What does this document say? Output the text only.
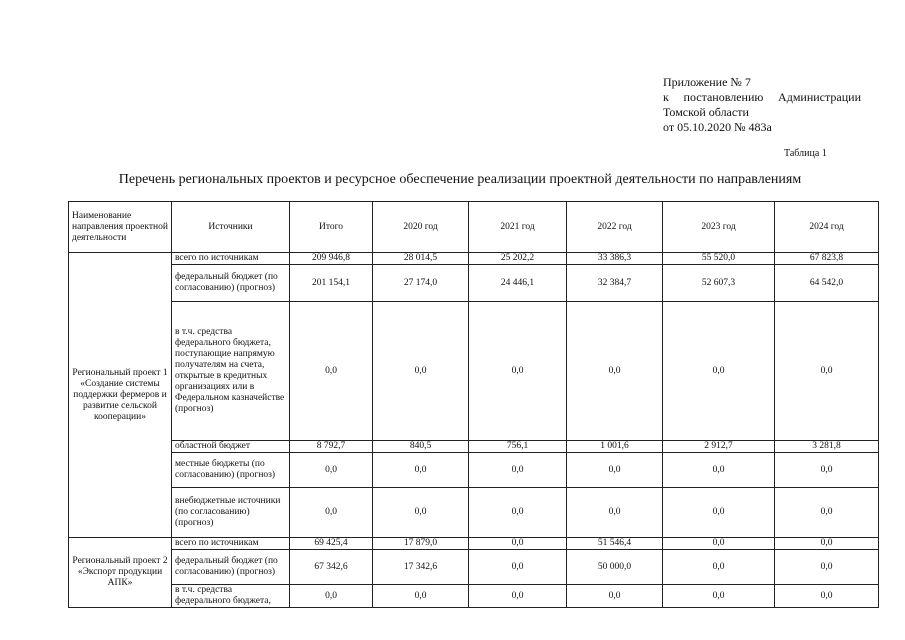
Приложение № 7
к постановлению Администрации
Томской области
от 05.10.2020 № 483а
Таблица 1
Перечень региональных проектов и ресурсное обеспечение реализации проектной деятельности по направлениям
Наименование направления проектной деятельности	Источники	Итого	2020 год	2021 год	2022 год	2023 год	2024 год
Региональный проект 1 «Создание системы поддержки фермеров и развитие сельской кооперации»	всего по источникам	209 946,8	28 014,5	25 202,2	33 386,3	55 520,0	67 823,8
	федеральный бюджет (по согласованию) (прогноз)	201 154,1	27 174,0	24 446,1	32 384,7	52 607,3	64 542,0
	в т.ч. средства федерального бюджета, поступающие напрямую получателям на счета, открытые в кредитных организациях или в Федеральном казначействе (прогноз)	0,0	0,0	0,0	0,0	0,0	0,0
	областной бюджет	8 792,7	840,5	756,1	1 001,6	2 912,7	3 281,8
	местные бюджеты (по согласованию) (прогноз)	0,0	0,0	0,0	0,0	0,0	0,0
	внебюджетные источники (по согласованию) (прогноз)	0,0	0,0	0,0	0,0	0,0	0,0
Региональный проект 2 «Экспорт продукции АПК»	всего по источникам	69 425,4	17 879,0	0,0	51 546,4	0,0	0,0
	федеральный бюджет (по согласованию) (прогноз)	67 342,6	17 342,6	0,0	50 000,0	0,0	0,0
	в т.ч. средства федерального бюджета,	0,0	0,0	0,0	0,0	0,0	0,0
